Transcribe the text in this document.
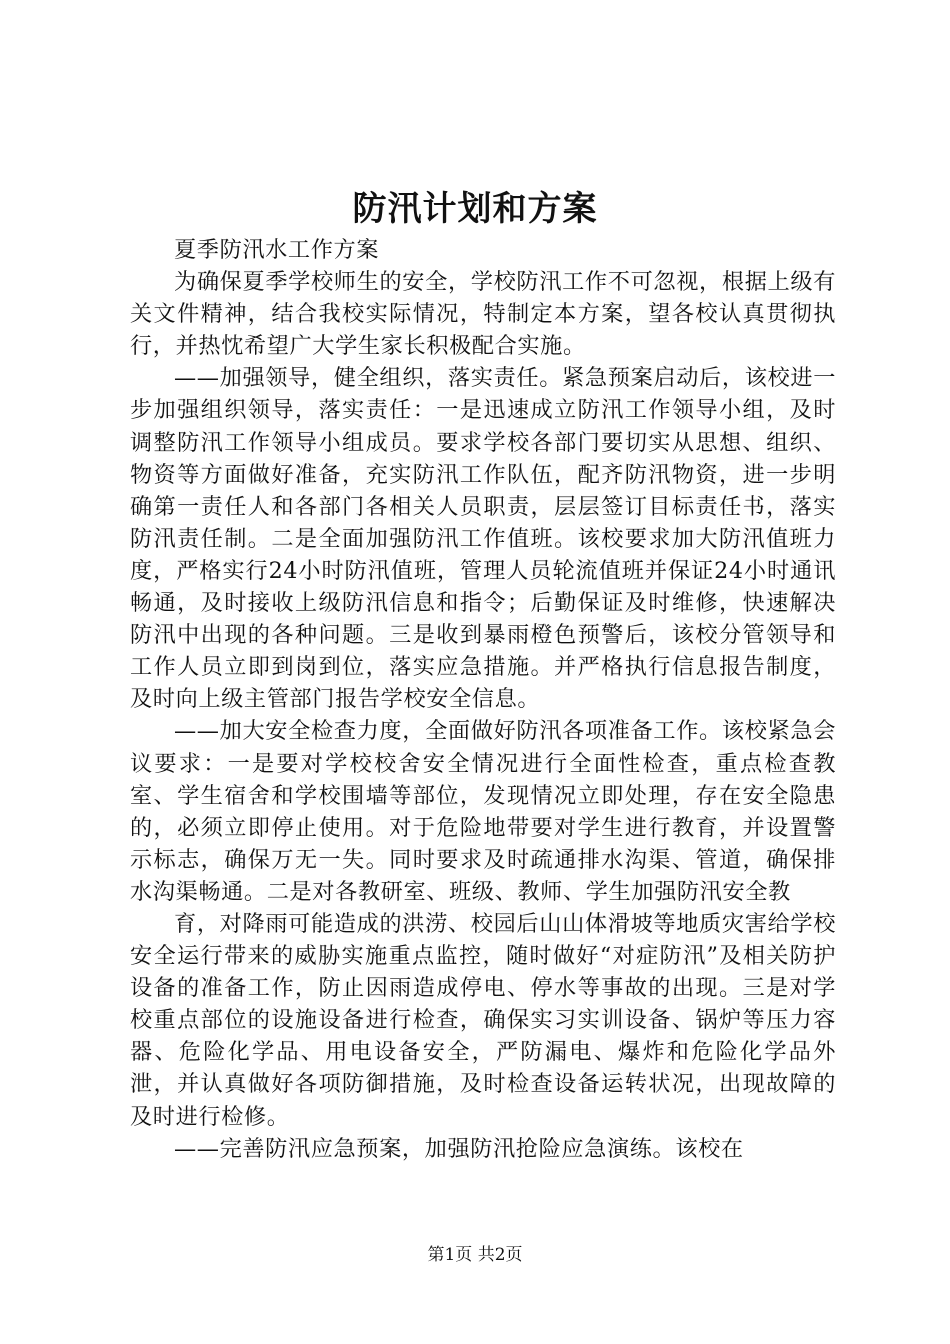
防汛计划和方案

夏季防汛水工作方案

为确保夏季学校师生的安全，学校防汛工作不可忽视，根据上级有关文件精神，结合我校实际情况，特制定本方案，望各校认真贯彻执行，并热忱希望广大学生家长积极配合实施。

——加强领导，健全组织，落实责任。紧急预案启动后，该校进一步加强组织领导，落实责任：一是迅速成立防汛工作领导小组，及时调整防汛工作领导小组成员。要求学校各部门要切实从思想、组织、物资等方面做好准备，充实防汛工作队伍，配齐防汛物资，进一步明确第一责任人和各部门各相关人员职责，层层签订目标责任书，落实防汛责任制。二是全面加强防汛工作值班。该校要求加大防汛值班力度，严格实行24小时防汛值班，管理人员轮流值班并保证24小时通讯畅通，及时接收上级防汛信息和指令；后勤保证及时维修，快速解决防汛中出现的各种问题。三是收到暴雨橙色预警后，该校分管领导和工作人员立即到岗到位，落实应急措施。并严格执行信息报告制度，及时向上级主管部门报告学校安全信息。

——加大安全检查力度，全面做好防汛各项准备工作。该校紧急会议要求：一是要对学校校舍安全情况进行全面性检查，重点检查教室、学生宿舍和学校围墙等部位，发现情况立即处理，存在安全隐患的，必须立即停止使用。对于危险地带要对学生进行教育，并设置警示标志，确保万无一失。同时要求及时疏通排水沟渠、管道，确保排水沟渠畅通。二是对各教研室、班级、教师、学生加强防汛安全教

育，对降雨可能造成的洪涝、校园后山山体滑坡等地质灾害给学校安全运行带来的威胁实施重点监控，随时做好“对症防汛”及相关防护设备的准备工作，防止因雨造成停电、停水等事故的出现。三是对学校重点部位的设施设备进行检查，确保实习实训设备、锅炉等压力容器、危险化学品、用电设备安全，严防漏电、爆炸和危险化学品外泄，并认真做好各项防御措施，及时检查设备运转状况，出现故障的及时进行检修。

——完善防汛应急预案，加强防汛抢险应急演练。该校在

第1页 共2页
